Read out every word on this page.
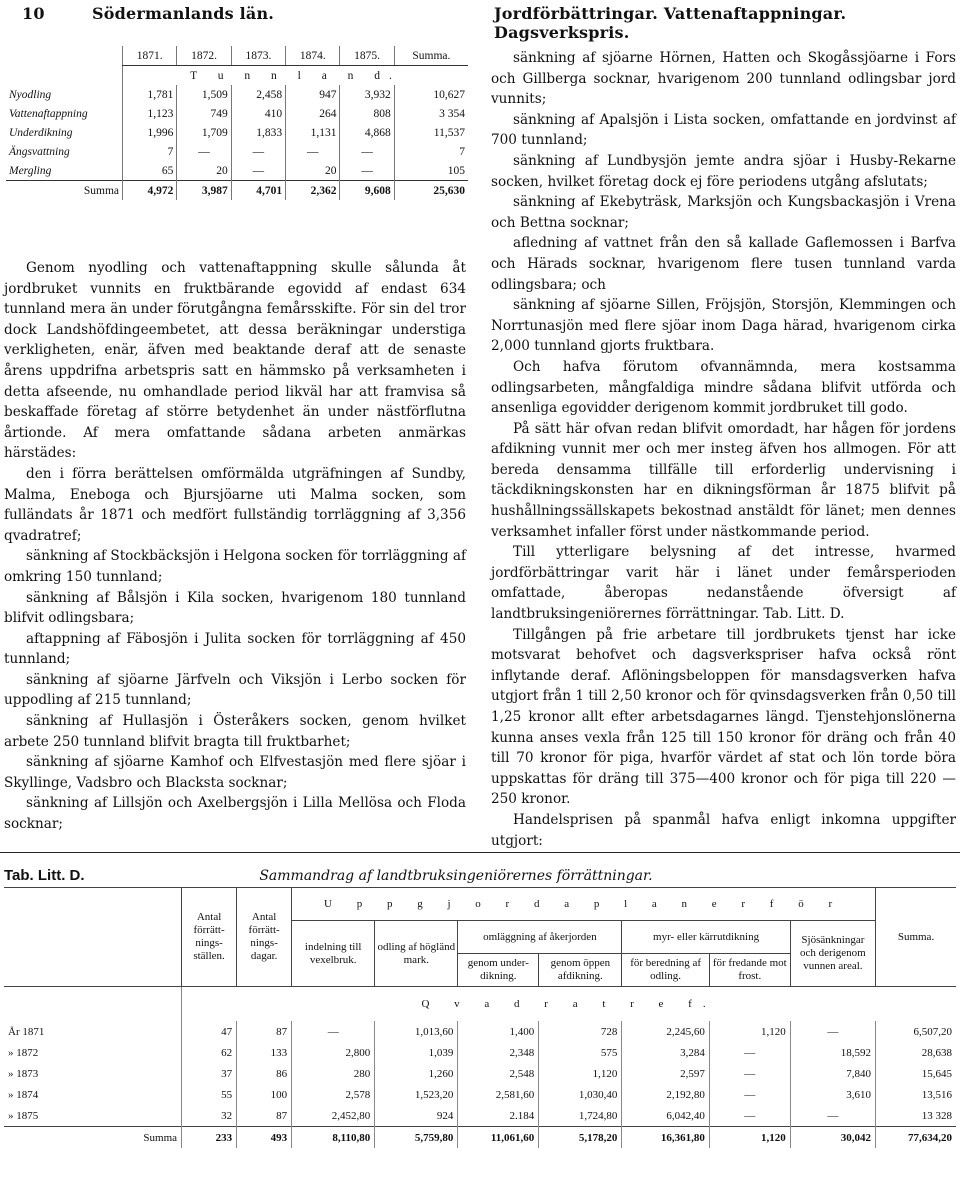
10	Södermanlands län.	Jordförbättringar. Vattenaftappningar. Dagsverkspris.
	1871.	1872.	1873.	1874.	1875.	Summa.
	T u n n l a n d.					
Nyodling	1,781	1,509	2,458	947	3,932	10,627
Vattenaftappning	1,123	749	410	264	808	3 354
Underdikning	1,996	1,709	1,833	1,131	4,868	11,537
Ängsvattning	7	—	—	—	—	7
Mergling	65	20	—	20	—	105
Summa	4,972	3,987	4,701	2,362	9,608	25,630

Genom nyodling och vattenaftappning skulle sålunda åt jordbruket vunnits en fruktbärande egovidd af endast 634 tunnland mera än under förutgångna femårsskifte. För sin del tror dock Landshöfdingeembetet, att dessa beräkningar understiga verkligheten, enär, äfven med beaktande deraf att de senaste årens uppdrifna arbetspris satt en hämmsko på verksamheten i detta afseende, nu omhandlade period likväl har att framvisa så beskaffade företag af större betydenhet än under nästförflutna årtionde. Af mera omfattande sådana arbeten anmärkas härstädes:

den i förra berättelsen omförmälda utgräfningen af Sundby, Malma, Eneboga och Bjursjöarne uti Malma socken, som fulländats år 1871 och medfört fullständig torrläggning af 3,356 qvadratref;

sänkning af Stockbäcksjön i Helgona socken för torrläggning af omkring 150 tunnland;

sänkning af Bålsjön i Kila socken, hvarigenom 180 tunnland blifvit odlingsbara;

aftappning af Fäbosjön i Julita socken för torrläggning af 450 tunnland;

sänkning af sjöarne Järfveln och Viksjön i Lerbo socken för uppodling af 215 tunnland;

sänkning af Hullasjön i Österåkers socken, genom hvilket arbete 250 tunnland blifvit bragta till fruktbarhet;

sänkning af sjöarne Kamhof och Elfvestasjön med flere sjöar i Skyllinge, Vadsbro och Blacksta socknar;

sänkning af Lillsjön och Axelbergsjön i Lilla Mellösa och Floda socknar;

sänkning af sjöarne Hörnen, Hatten och Skogåssjöarne i Fors och Gillberga socknar, hvarigenom 200 tunnland odlingsbar jord vunnits;

sänkning af Apalsjön i Lista socken, omfattande en jordvinst af 700 tunnland;

sänkning af Lundbysjön jemte andra sjöar i Husby-Rekarne socken, hvilket företag dock ej före periodens utgång afslutats;

sänkning af Ekebyträsk, Marksjön och Kungsbackasjön i Vrena och Bettna socknar;

afledning af vattnet från den så kallade Gaflemossen i Barfva och Härads socknar, hvarigenom flere tusen tunnland varda odlingsbara; och

sänkning af sjöarne Sillen, Fröjsjön, Storsjön, Klemmingen och Norrtunasjön med flere sjöar inom Daga härad, hvarigenom cirka 2,000 tunnland gjorts fruktbara.

Och hafva förutom ofvannämnda, mera kostsamma odlingsarbeten, mångfaldiga mindre sådana blifvit utförda och ansenliga egovidder derigenom kommit jordbruket till godo.

På sätt här ofvan redan blifvit omordadt, har hågen för jordens afdikning vunnit mer och mer insteg äfven hos allmogen. För att bereda densamma tillfälle till erforderlig undervisning i täckdikningskonsten har en dikningsförman år 1875 blifvit på hushållningssällskapets bekostnad anstäldt för länet; men dennes verksamhet infaller först under nästkommande period.

Till ytterligare belysning af det intresse, hvarmed jordförbättringar varit här i länet under femårsperioden omfattade, åberopas nedanstående öfversigt af landtbruksingeniörernes förrättningar. Tab. Litt. D.

Tillgången på frie arbetare till jordbrukets tjenst har icke motsvarat behofvet och dagsverkspriser hafva också rönt inflytande deraf. Aflöningsbeloppen för mansdagsverken hafva utgjort från 1 till 2,50 kronor och för qvinsdagsverken från 0,50 till 1,25 kronor allt efter arbetsdagarnes längd. Tjenstehjonslönerna kunna anses vexla från 125 till 150 kronor för dräng och från 40 till 70 kronor för piga, hvarför värdet af stat och lön torde böra uppskattas för dräng till 375—400 kronor och för piga till 220 —250 kronor.

Handelsprisen på spanmål hafva enligt inkomna uppgifter utgjort:

Tab. Litt. D.	Sammandrag af landtbruksingeniörernes förrättningar.
	Antal förrätt-nings-ställen.	Antal förrätt-nings-dagar.	U p p g j o r d a p l a n e r f ö r							Summa.
			indelning till vexelbruk.	odling af högländ mark.	omläggning af åkerjorden		myr- eller kärrutdikning		Sjösänkningar och derigenom vunnen areal.	
					genom under-dikning.	genom öppen afdikning.	för beredning af odling.	för fredande mot frost.		
	Q v a d r a t r e f.									
År 1871	47	87	—	1,013,60	1,400	728	2,245,60	1,120	—	6,507,20
» 1872	62	133	2,800	1,039	2,348	575	3,284	—	18,592	28,638
» 1873	37	86	280	1,260	2,548	1,120	2,597	—	7,840	15,645
» 1874	55	100	2,578	1,523,20	2,581,60	1,030,40	2,192,80	—	3,610	13,516
» 1875	32	87	2,452,80	924	2.184	1,724,80	6,042,40	—	—	13 328
Summa	233	493	8,110,80	5,759,80	11,061,60	5,178,20	16,361,80	1,120	30,042	77,634,20
